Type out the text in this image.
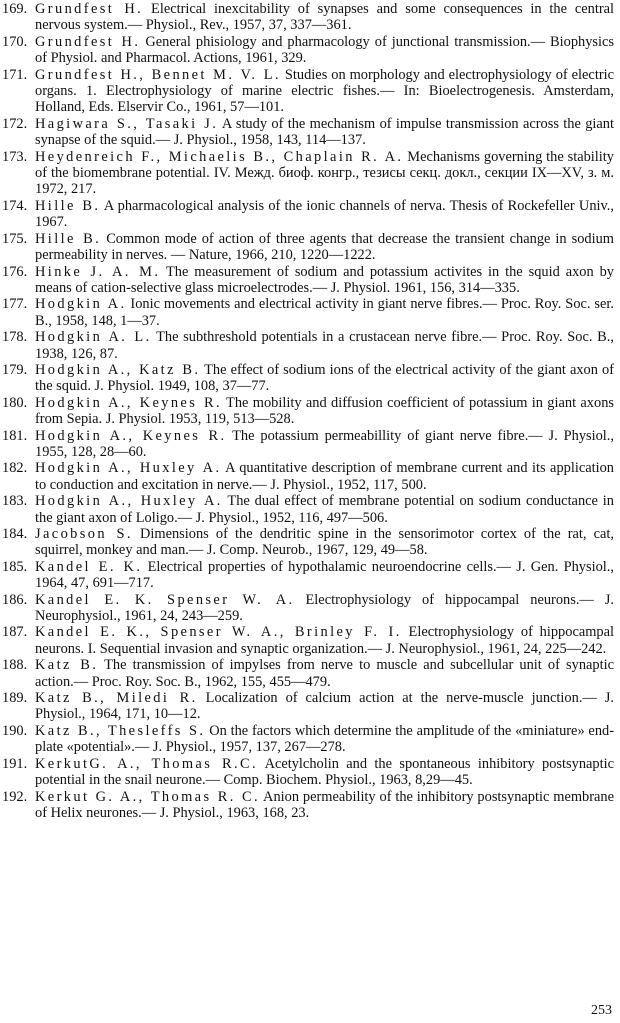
169. Grundfest H. Electrical inexcitability of synapses and some consequences in the central nervous system.— Physiol., Rev., 1957, 37, 337—361.
170. Grundfest H. General phisiology and pharmacology of junctional transmission.— Biophysics of Physiol. and Pharmacol. Actions, 1961, 329.
171. Grundfest H., Bennet M. V. L. Studies on morphology and electrophysiology of electric organs. 1. Electrophysiology of marine electric fishes.— In: Bioelectrogenesis. Amsterdam, Holland, Eds. Elservir Co., 1961, 57—101.
172. Hagiwara S., Tasaki J. A study of the mechanism of impulse transmission across the giant synapse of the squid.— J. Physiol., 1958, 143, 114—137.
173. Heydenreich F., Michaelis B., Chaplain R. A. Mechanisms governing the stability of the biomembrane potential. IV. Межд. биоф. конгр., тезисы секц. докл., секции IX—XV, з. м. 1972, 217.
174. Hille B. A pharmacological analysis of the ionic channels of nerva. Thesis of Rockefeller Univ., 1967.
175. Hille B. Common mode of action of three agents that decrease the transient change in sodium permeability in nerves. — Nature, 1966, 210, 1220—1222.
176. Hinke J. A. M. The measurement of sodium and potassium activites in the squid axon by means of cation-selective glass microelectrodes.— J. Physiol. 1961, 156, 314—335.
177. Hodgkin A. Ionic movements and electrical activity in giant nerve fibres.— Proc. Roy. Soc. ser. B., 1958, 148, 1—37.
178. Hodgkin A. L. The subthreshold potentials in a crustacean nerve fibre.— Proc. Roy. Soc. B., 1938, 126, 87.
179. Hodgkin A., Katz B. The effect of sodium ions of the electrical activity of the giant axon of the squid. J. Physiol. 1949, 108, 37—77.
180. Hodgkin A., Keynes R. The mobility and diffusion coefficient of potassium in giant axons from Sepia. J. Physiol. 1953, 119, 513—528.
181. Hodgkin A., Keynes R. The potassium permeabillity of giant nerve fibre.— J. Physiol., 1955, 128, 28—60.
182. Hodgkin A., Huxley A. A quantitative description of membrane current and its application to conduction and excitation in nerve.— J. Physiol., 1952, 117, 500.
183. Hodgkin A., Huxley A. The dual effect of membrane potential on sodium conductance in the giant axon of Loligo.— J. Physiol., 1952, 116, 497—506.
184. Jacobson S. Dimensions of the dendritic spine in the sensorimotor cortex of the rat, cat, squirrel, monkey and man.— J. Comp. Neurob., 1967, 129, 49—58.
185. Kandel E. K. Electrical properties of hypothalamic neuroendocrine cells.— J. Gen. Physiol., 1964, 47, 691—717.
186. Kandel E. K. Spenser W. A. Electrophysiology of hippocampal neurons.— J. Neurophysiol., 1961, 24, 243—259.
187. Kandel E. K., Spenser W. A., Brinley F. I. Electrophysiology of hippocampal neurons. I. Sequential invasion and synaptic organization.— J. Neurophysiol., 1961, 24, 225—242.
188. Katz B. The transmission of impylses from nerve to muscle and subcellular unit of synaptic action.— Proc. Roy. Soc. B., 1962, 155, 455—479.
189. Katz B., Miledi R. Localization of calcium action at the nerve-muscle junction.— J. Physiol., 1964, 171, 10—12.
190. Katz B., Thesleffs S. On the factors which determine the amplitude of the «miniature» end-plate «potential».— J. Physiol., 1957, 137, 267—278.
191. KerkutG. A., Thomas R.C. Acetylcholin and the spontaneous inhibitory postsynaptic potential in the snail neurone.— Comp. Biochem. Physiol., 1963, 8,29—45.
192. Kerkut G. A., Thomas R. C. Anion permeability of the inhibitory postsynaptic membrane of Helix neurones.— J. Physiol., 1963, 168, 23.
253
